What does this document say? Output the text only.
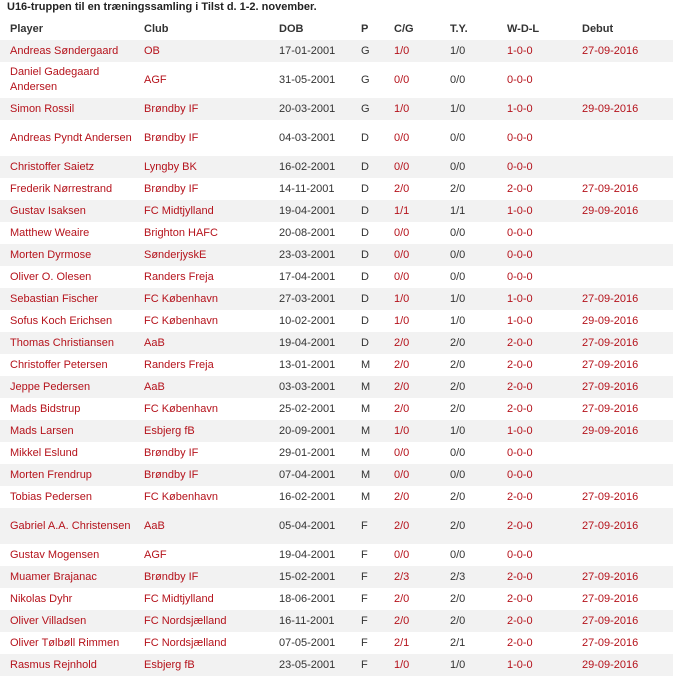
U16-truppen til en træningssamling i Tilst d. 1-2. november.
Player	Club	DOB	P	C/G	T.Y.	W-D-L	Debut
Andreas Søndergaard	OB	17-01-2001	G	1/0	1/0	1-0-0	27-09-2016
Daniel Gadegaard Andersen	AGF	31-05-2001	G	0/0	0/0	0-0-0	
Simon Rossil	Brøndby IF	20-03-2001	G	1/0	1/0	1-0-0	29-09-2016
Andreas Pyndt Andersen	Brøndby IF	04-03-2001	D	0/0	0/0	0-0-0	
Christoffer Saietz	Lyngby BK	16-02-2001	D	0/0	0/0	0-0-0	
Frederik Nørrestrand	Brøndby IF	14-11-2001	D	2/0	2/0	2-0-0	27-09-2016
Gustav Isaksen	FC Midtjylland	19-04-2001	D	1/1	1/1	1-0-0	29-09-2016
Matthew Weaire	Brighton HAFC	20-08-2001	D	0/0	0/0	0-0-0	
Morten Dyrmose	SønderjyskE	23-03-2001	D	0/0	0/0	0-0-0	
Oliver O. Olesen	Randers Freja	17-04-2001	D	0/0	0/0	0-0-0	
Sebastian Fischer	FC København	27-03-2001	D	1/0	1/0	1-0-0	27-09-2016
Sofus Koch Erichsen	FC København	10-02-2001	D	1/0	1/0	1-0-0	29-09-2016
Thomas Christiansen	AaB	19-04-2001	D	2/0	2/0	2-0-0	27-09-2016
Christoffer Petersen	Randers Freja	13-01-2001	M	2/0	2/0	2-0-0	27-09-2016
Jeppe Pedersen	AaB	03-03-2001	M	2/0	2/0	2-0-0	27-09-2016
Mads Bidstrup	FC København	25-02-2001	M	2/0	2/0	2-0-0	27-09-2016
Mads Larsen	Esbjerg fB	20-09-2001	M	1/0	1/0	1-0-0	29-09-2016
Mikkel Eslund	Brøndby IF	29-01-2001	M	0/0	0/0	0-0-0	
Morten Frendrup	Brøndby IF	07-04-2001	M	0/0	0/0	0-0-0	
Tobias Pedersen	FC København	16-02-2001	M	2/0	2/0	2-0-0	27-09-2016
Gabriel A.A. Christensen	AaB	05-04-2001	F	2/0	2/0	2-0-0	27-09-2016
Gustav Mogensen	AGF	19-04-2001	F	0/0	0/0	0-0-0	
Muamer Brajanac	Brøndby IF	15-02-2001	F	2/3	2/3	2-0-0	27-09-2016
Nikolas Dyhr	FC Midtjylland	18-06-2001	F	2/0	2/0	2-0-0	27-09-2016
Oliver Villadsen	FC Nordsjælland	16-11-2001	F	2/0	2/0	2-0-0	27-09-2016
Oliver Tølbøll Rimmen	FC Nordsjælland	07-05-2001	F	2/1	2/1	2-0-0	27-09-2016
Rasmus Rejnhold	Esbjerg fB	23-05-2001	F	1/0	1/0	1-0-0	29-09-2016
